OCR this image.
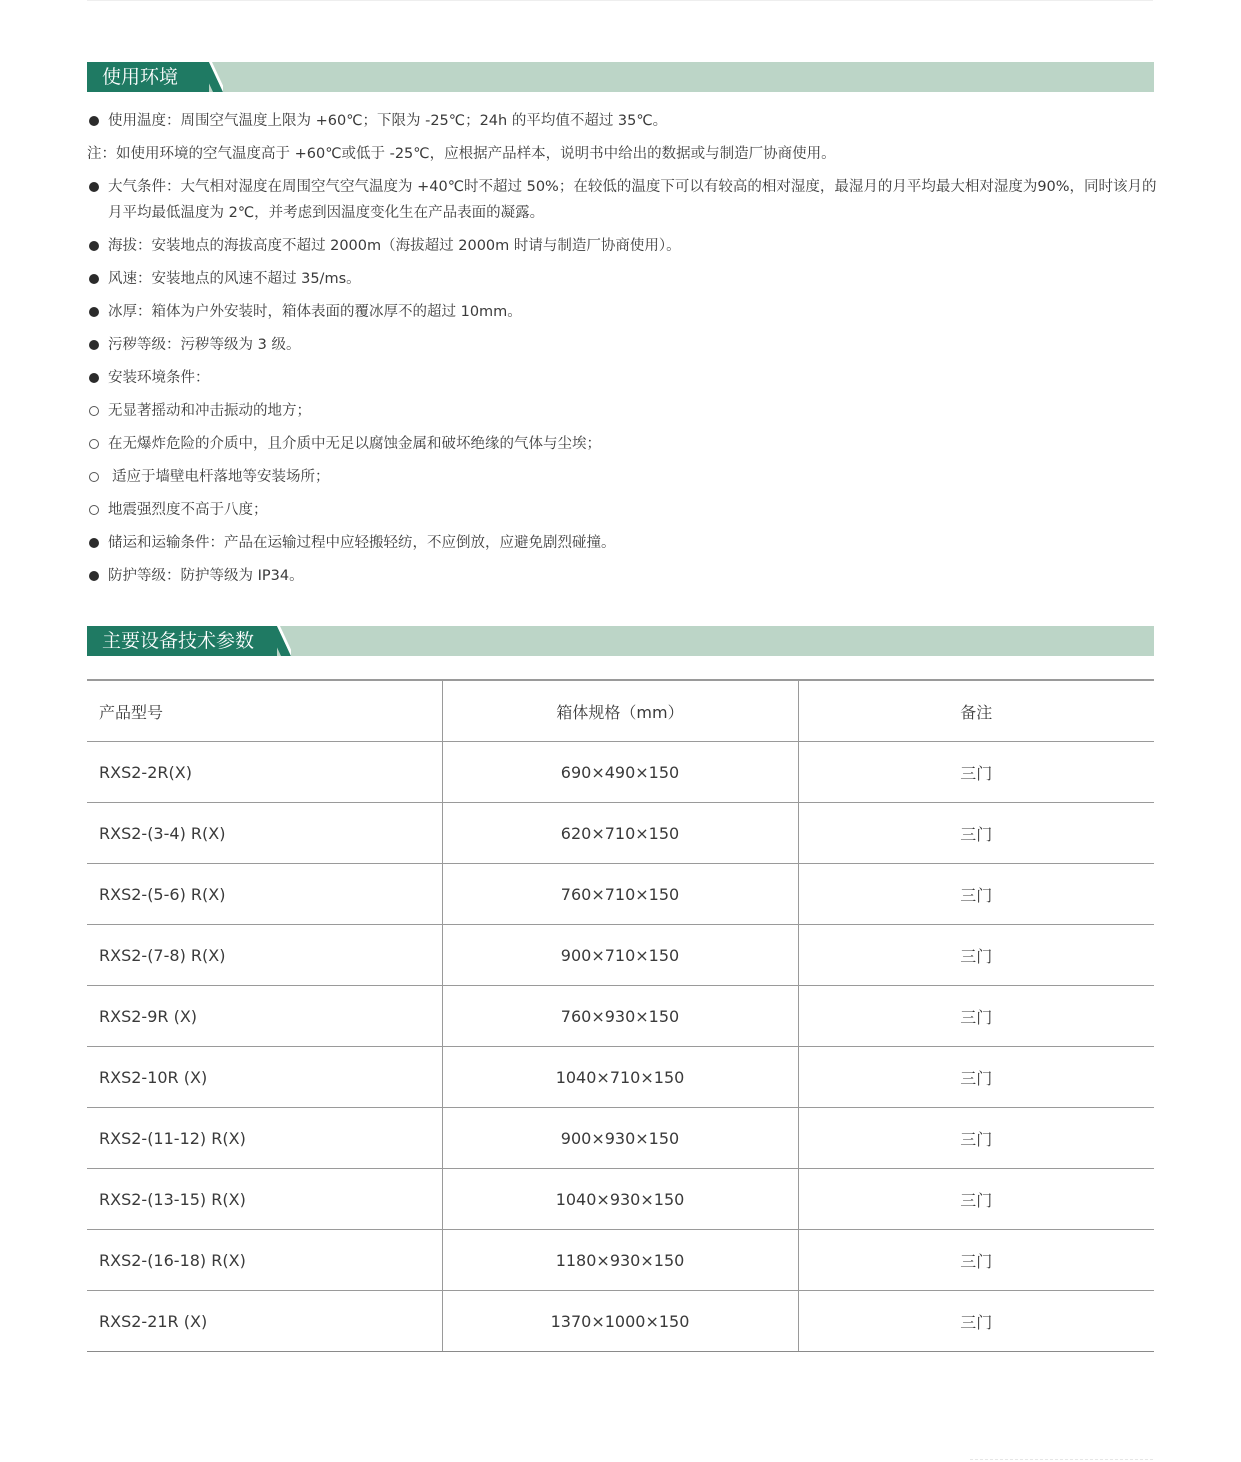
使用环境
使用温度：周围空气温度上限为 +60℃；下限为 -25℃；24h 的平均值不超过 35℃。
注：如使用环境的空气温度高于 +60℃或低于 -25℃，应根据产品样本，说明书中给出的数据或与制造厂协商使用。
大气条件：大气相对湿度在周围空气空气温度为 +40℃时不超过 50%；在较低的温度下可以有较高的相对湿度，最湿月的月平均最大相对湿度为90%，同时该月的月平均最低温度为 2℃，并考虑到因温度变化生在产品表面的凝露。
海拔：安装地点的海拔高度不超过 2000m（海拔超过 2000m 时请与制造厂协商使用）。
风速：安装地点的风速不超过 35/ms。
冰厚：箱体为户外安装时，箱体表面的覆冰厚不的超过 10mm。
污秽等级：污秽等级为 3 级。
安装环境条件：
无显著摇动和冲击振动的地方；
在无爆炸危险的介质中，且介质中无足以腐蚀金属和破坏绝缘的气体与尘埃；
适应于墙壁电杆落地等安装场所；
地震强烈度不高于八度；
储运和运输条件：产品在运输过程中应轻搬轻纺，不应倒放，应避免剧烈碰撞。
防护等级：防护等级为 IP34。
主要设备技术参数
产品型号	箱体规格（mm）	备注
RXS2-2R(X)	690×490×150	三门
RXS2-(3-4) R(X)	620×710×150	三门
RXS2-(5-6) R(X)	760×710×150	三门
RXS2-(7-8) R(X)	900×710×150	三门
RXS2-9R (X)	760×930×150	三门
RXS2-10R (X)	1040×710×150	三门
RXS2-(11-12) R(X)	900×930×150	三门
RXS2-(13-15) R(X)	1040×930×150	三门
RXS2-(16-18) R(X)	1180×930×150	三门
RXS2-21R (X)	1370×1000×150	三门
